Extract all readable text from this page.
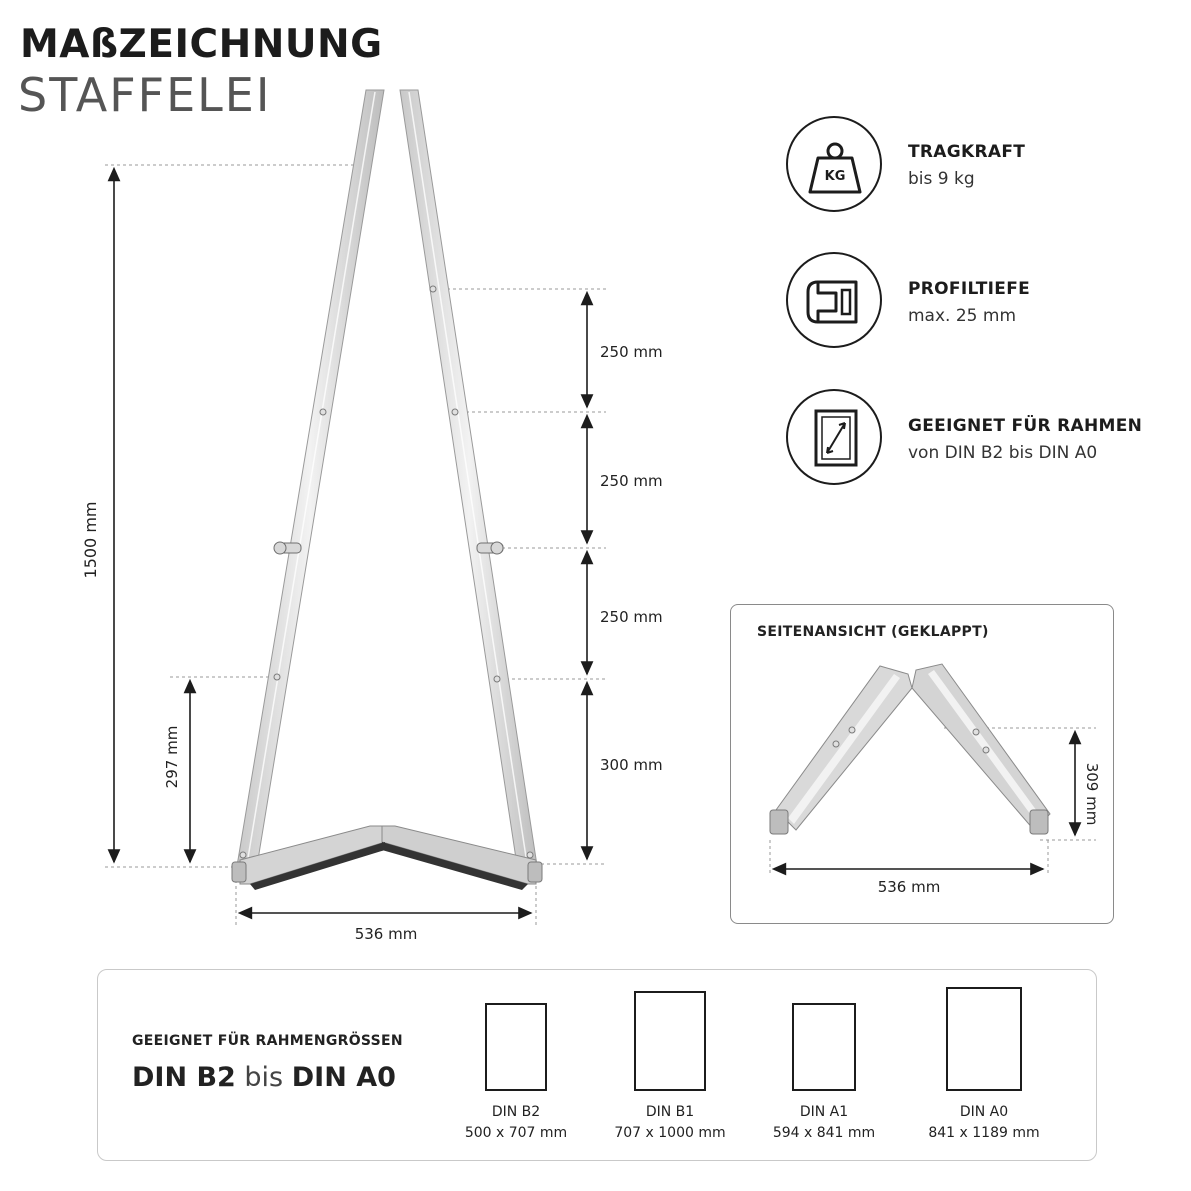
MAßZEICHNUNG
STAFFELEI
1500 mm
297 mm
250 mm
250 mm
250 mm
300 mm
536 mm
KG
TRAGKRAFT
bis 9 kg
PROFILTIEFE
max. 25 mm
GEEIGNET FÜR RAHMEN
von DIN B2 bis DIN A0
SEITENANSICHT (GEKLAPPT)
309 mm
536 mm
GEEIGNET FÜR RAHMENGRÖSSEN
DIN B2 bis DIN A0
DIN B2
500 x 707 mm
DIN B1
707 x 1000 mm
DIN A1
594 x 841 mm
DIN A0
841 x 1189 mm
